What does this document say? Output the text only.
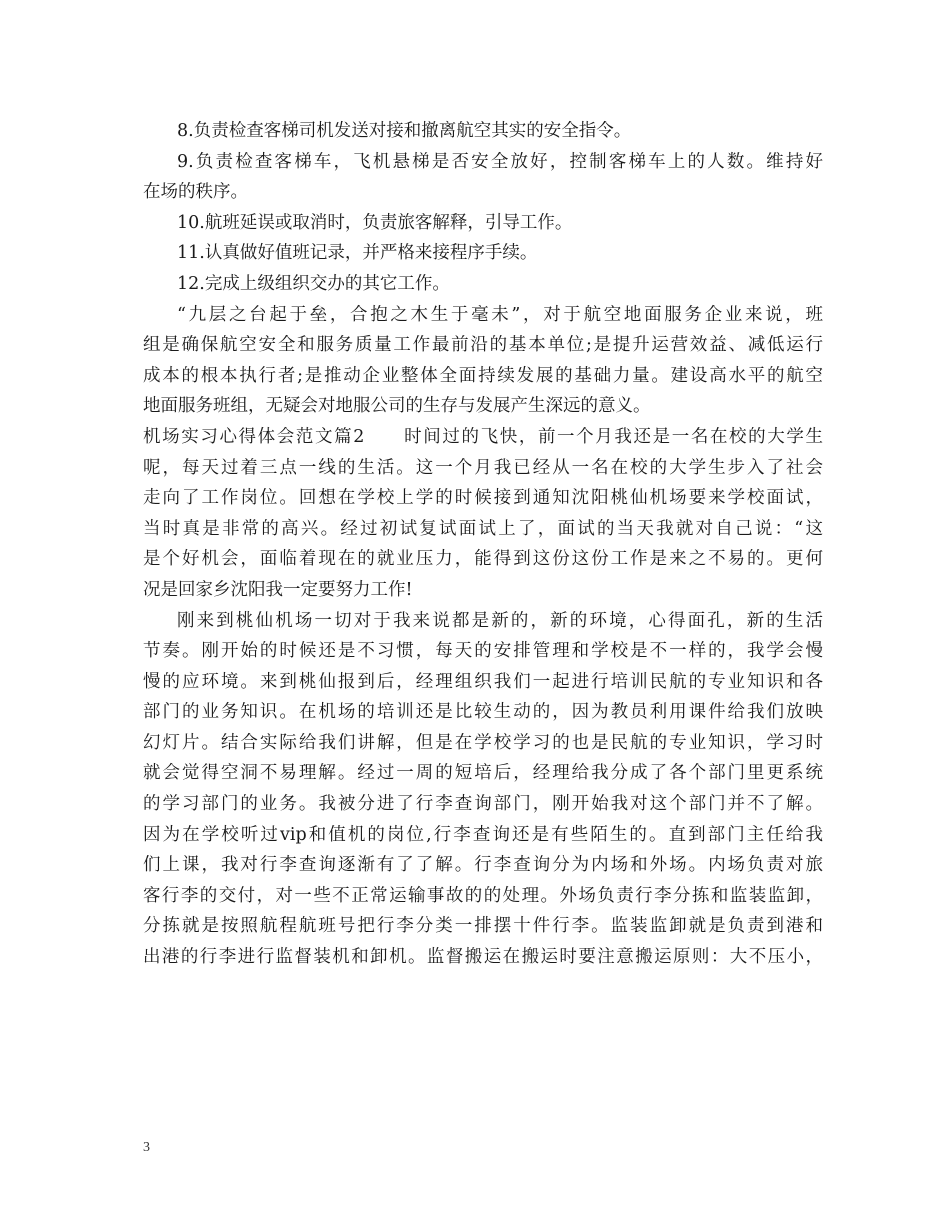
8.负责检查客梯司机发送对接和撤离航空其实的安全指令。
9.负责检查客梯车，飞机悬梯是否安全放好，控制客梯车上的人数。维持好
在场的秩序。
10.航班延误或取消时，负责旅客解释，引导工作。
11.认真做好值班记录，并严格来接程序手续。
12.完成上级组织交办的其它工作。
“九层之台起于垒，合抱之木生于毫未”，对于航空地面服务企业来说，班
组是确保航空安全和服务质量工作最前沿的基本单位;是提升运营效益、减低运行
成本的根本执行者;是推动企业整体全面持续发展的基础力量。建设高水平的航空
地面服务班组，无疑会对地服公司的生存与发展产生深远的意义。
机场实习心得体会范文篇2　　时间过的飞快，前一个月我还是一名在校的大学生
呢，每天过着三点一线的生活。这一个月我已经从一名在校的大学生步入了社会
走向了工作岗位。回想在学校上学的时候接到通知沈阳桃仙机场要来学校面试，
当时真是非常的高兴。经过初试复试面试上了，面试的当天我就对自己说：“这
是个好机会，面临着现在的就业压力，能得到这份这份工作是来之不易的。更何
况是回家乡沈阳我一定要努力工作!
刚来到桃仙机场一切对于我来说都是新的，新的环境，心得面孔，新的生活
节奏。刚开始的时候还是不习惯，每天的安排管理和学校是不一样的，我学会慢
慢的应环境。来到桃仙报到后，经理组织我们一起进行培训民航的专业知识和各
部门的业务知识。在机场的培训还是比较生动的，因为教员利用课件给我们放映
幻灯片。结合实际给我们讲解，但是在学校学习的也是民航的专业知识，学习时
就会觉得空洞不易理解。经过一周的短培后，经理给我分成了各个部门里更系统
的学习部门的业务。我被分进了行李查询部门，刚开始我对这个部门并不了解。
因为在学校听过vip和值机的岗位,行李查询还是有些陌生的。直到部门主任给我
们上课，我对行李查询逐渐有了了解。行李查询分为内场和外场。内场负责对旅
客行李的交付，对一些不正常运输事故的的处理。外场负责行李分拣和监装监卸，
分拣就是按照航程航班号把行李分类一排摆十件行李。监装监卸就是负责到港和
出港的行李进行监督装机和卸机。监督搬运在搬运时要注意搬运原则：大不压小，
3
